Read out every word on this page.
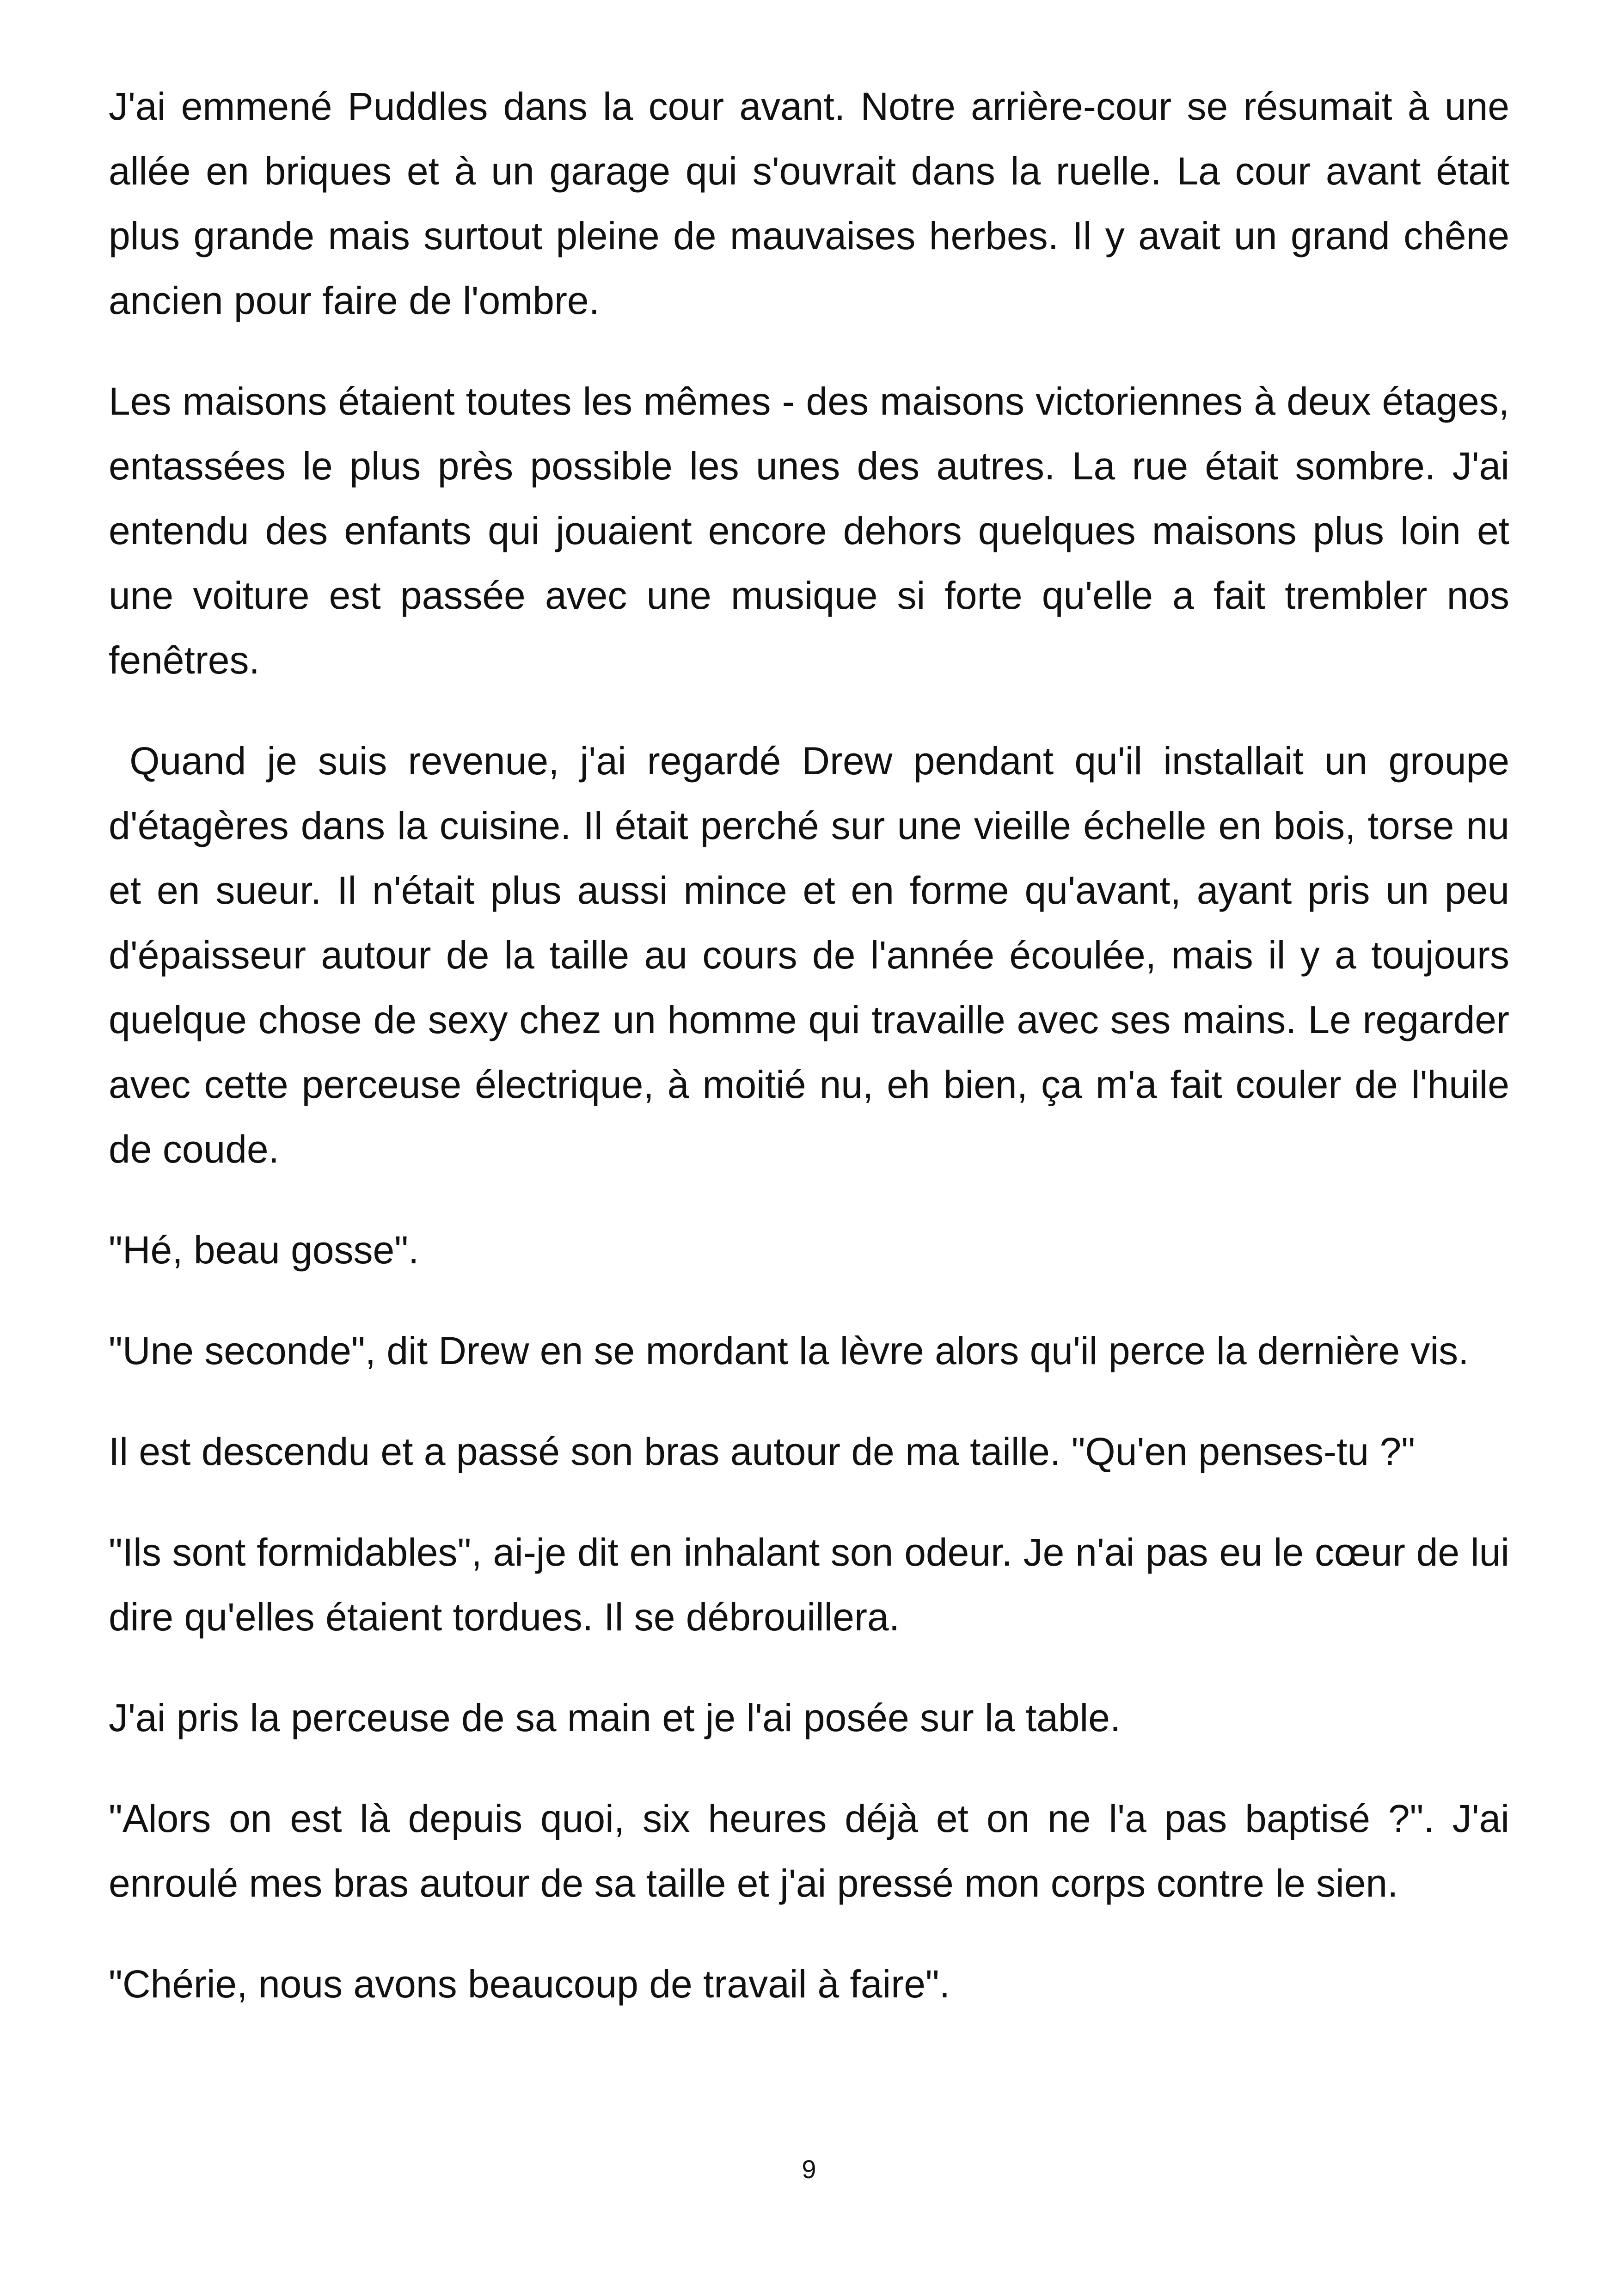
J'ai emmené Puddles dans la cour avant. Notre arrière-cour se résumait à une allée en briques et à un garage qui s'ouvrait dans la ruelle. La cour avant était plus grande mais surtout pleine de mauvaises herbes. Il y avait un grand chêne ancien pour faire de l'ombre.

Les maisons étaient toutes les mêmes - des maisons victoriennes à deux étages, entassées le plus près possible les unes des autres. La rue était sombre. J'ai entendu des enfants qui jouaient encore dehors quelques maisons plus loin et une voiture est passée avec une musique si forte qu'elle a fait trembler nos fenêtres.

Quand je suis revenue, j'ai regardé Drew pendant qu'il installait un groupe d'étagères dans la cuisine. Il était perché sur une vieille échelle en bois, torse nu et en sueur. Il n'était plus aussi mince et en forme qu'avant, ayant pris un peu d'épaisseur autour de la taille au cours de l'année écoulée, mais il y a toujours quelque chose de sexy chez un homme qui travaille avec ses mains. Le regarder avec cette perceuse électrique, à moitié nu, eh bien, ça m'a fait couler de l'huile de coude.

"Hé, beau gosse".

"Une seconde", dit Drew en se mordant la lèvre alors qu'il perce la dernière vis.

Il est descendu et a passé son bras autour de ma taille. "Qu'en penses-tu ?"

"Ils sont formidables", ai-je dit en inhalant son odeur. Je n'ai pas eu le cœur de lui dire qu'elles étaient tordues. Il se débrouillera.

J'ai pris la perceuse de sa main et je l'ai posée sur la table.

"Alors on est là depuis quoi, six heures déjà et on ne l'a pas baptisé ?". J'ai enroulé mes bras autour de sa taille et j'ai pressé mon corps contre le sien.

"Chérie, nous avons beaucoup de travail à faire".

9
